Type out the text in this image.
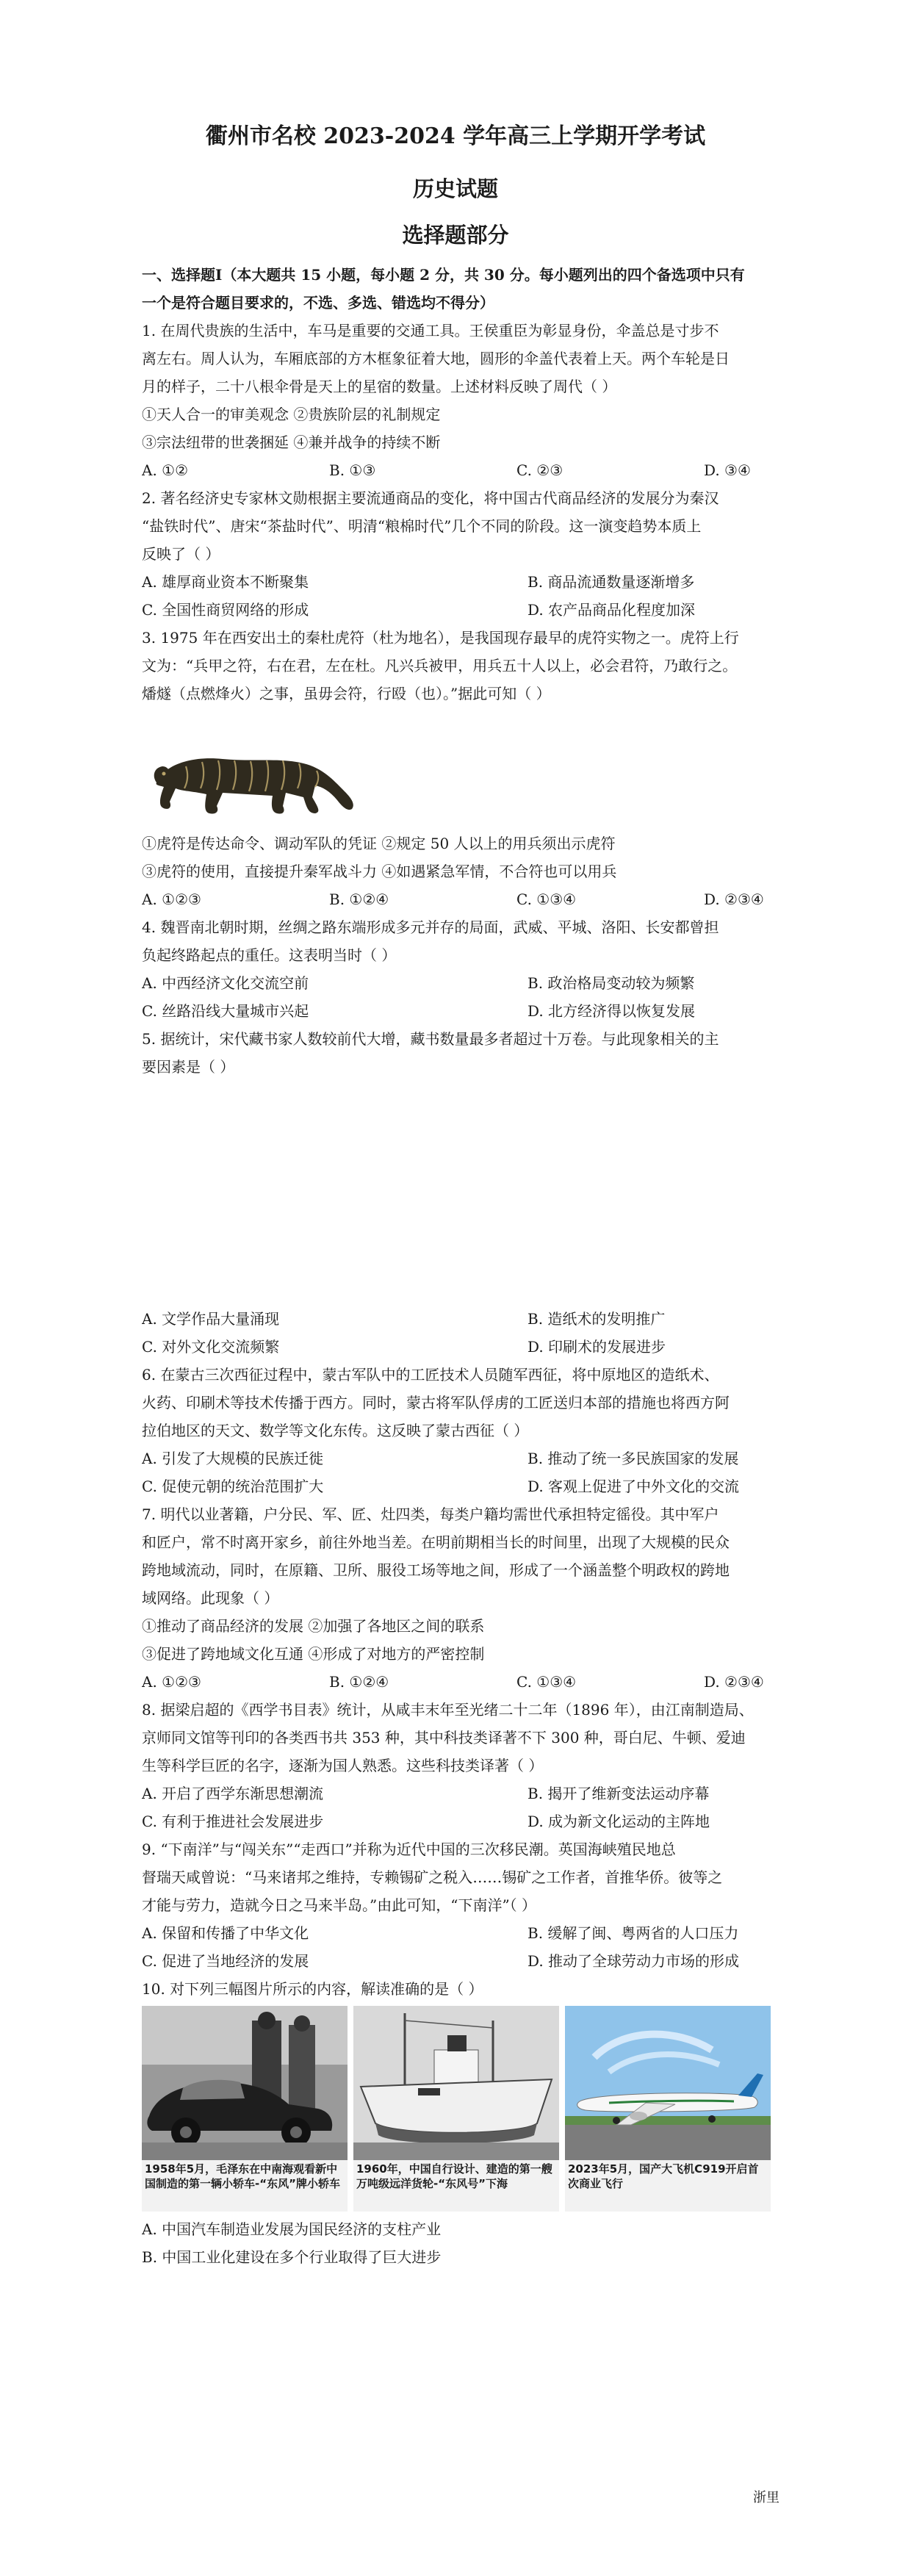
衢州市名校 2023-2024 学年高三上学期开学考试
历史试题
选择题部分
一、选择题Ⅰ（本大题共 15 小题，每小题 2 分，共 30 分。每小题列出的四个备选项中只有
一个是符合题目要求的，不选、多选、错选均不得分）
1. 在周代贵族的生活中，车马是重要的交通工具。王侯重臣为彰显身份，伞盖总是寸步不
离左右。周人认为，车厢底部的方木框象征着大地，圆形的伞盖代表着上天。两个车轮是日
月的样子，二十八根伞骨是天上的星宿的数量。上述材料反映了周代（ ）
①天人合一的审美观念 ②贵族阶层的礼制规定
③宗法纽带的世袭捆延 ④兼并战争的持续不断
A. ①②	B. ①③	C. ②③	D. ③④
2. 著名经济史专家林文勋根据主要流通商品的变化，将中国古代商品经济的发展分为秦汉
“盐铁时代”、唐宋“茶盐时代”、明清“粮棉时代”几个不同的阶段。这一演变趋势本质上
反映了（ ）
A. 雄厚商业资本不断聚集	B. 商品流通数量逐渐增多
C. 全国性商贸网络的形成	D. 农产品商品化程度加深
3. 1975 年在西安出土的秦杜虎符（杜为地名），是我国现存最早的虎符实物之一。虎符上行
文为：“兵甲之符，右在君，左在杜。凡兴兵被甲，用兵五十人以上，必会君符，乃敢行之。
燔燧（点燃烽火）之事，虽毋会符，行殴（也）。”据此可知（ ）
①虎符是传达命令、调动军队的凭证 ②规定 50 人以上的用兵须出示虎符
③虎符的使用，直接提升秦军战斗力 ④如遇紧急军情，不合符也可以用兵
A. ①②③	B. ①②④	C. ①③④	D. ②③④
4. 魏晋南北朝时期，丝绸之路东端形成多元并存的局面，武威、平城、洛阳、长安都曾担
负起终路起点的重任。这表明当时（ ）
A. 中西经济文化交流空前	B. 政治格局变动较为频繁
C. 丝路沿线大量城市兴起	D. 北方经济得以恢复发展
5. 据统计，宋代藏书家人数较前代大增，藏书数量最多者超过十万卷。与此现象相关的主
要因素是（ ）
A. 文学作品大量涌现	B. 造纸术的发明推广
C. 对外文化交流频繁	D. 印刷术的发展进步
6. 在蒙古三次西征过程中，蒙古军队中的工匠技术人员随军西征，将中原地区的造纸术、
火药、印刷术等技术传播于西方。同时，蒙古将军队俘虏的工匠送归本部的措施也将西方阿
拉伯地区的天文、数学等文化东传。这反映了蒙古西征（ ）
A. 引发了大规模的民族迁徙	B. 推动了统一多民族国家的发展
C. 促使元朝的统治范围扩大	D. 客观上促进了中外文化的交流
7. 明代以业著籍，户分民、军、匠、灶四类，每类户籍均需世代承担特定徭役。其中军户
和匠户，常不时离开家乡，前往外地当差。在明前期相当长的时间里，出现了大规模的民众
跨地域流动，同时，在原籍、卫所、服役工场等地之间，形成了一个涵盖整个明政权的跨地
域网络。此现象（ ）
①推动了商品经济的发展 ②加强了各地区之间的联系
③促进了跨地域文化互通 ④形成了对地方的严密控制
A. ①②③	B. ①②④	C. ①③④	D. ②③④
8. 据梁启超的《西学书目表》统计，从咸丰末年至光绪二十二年（1896 年），由江南制造局、
京师同文馆等刊印的各类西书共 353 种，其中科技类译著不下 300 种，哥白尼、牛顿、爱迪
生等科学巨匠的名字，逐渐为国人熟悉。这些科技类译著（ ）
A. 开启了西学东渐思想潮流	B. 揭开了维新变法运动序幕
C. 有利于推进社会发展进步	D. 成为新文化运动的主阵地
9. “下南洋”与“闯关东”“走西口”并称为近代中国的三次移民潮。英国海峡殖民地总
督瑞天咸曾说：“马来诸邦之维持，专赖锡矿之税入……锡矿之工作者，首推华侨。彼等之
才能与劳力，造就今日之马来半岛。”由此可知，“下南洋”（ ）
A. 保留和传播了中华文化	B. 缓解了闽、粤两省的人口压力
C. 促进了当地经济的发展	D. 推动了全球劳动力市场的形成
10. 对下列三幅图片所示的内容，解读准确的是（ ）
1958年5月，毛泽东在中南海观看新中国制造的第一辆小轿车-“东风”牌小轿车
1960年，中国自行设计、建造的第一艘万吨级远洋货轮-“东风号”下海
2023年5月，国产大飞机C919开启首次商业飞行
A. 中国汽车制造业发展为国民经济的支柱产业
B. 中国工业化建设在多个行业取得了巨大进步
浙里
